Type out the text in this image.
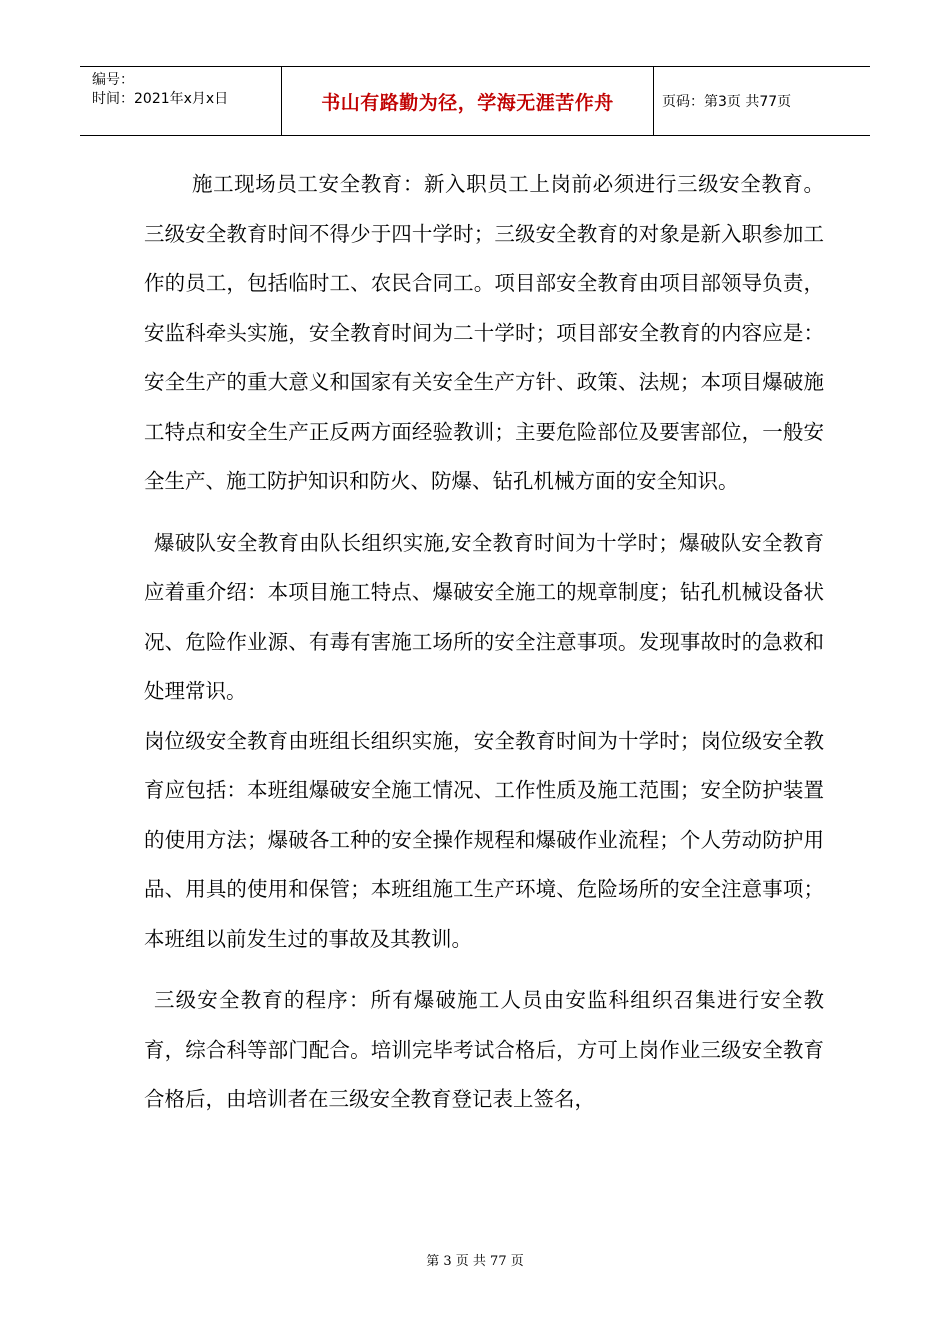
编号：
时间：2021年x月x日	书山有路勤为径，学海无涯苦作舟	页码：第3页 共77页

施工现场员工安全教育：新入职员工上岗前必须进行三级安全教育。三级安全教育时间不得少于四十学时；三级安全教育的对象是新入职参加工作的员工，包括临时工、农民合同工。项目部安全教育由项目部领导负责，安监科牵头实施，安全教育时间为二十学时；项目部安全教育的内容应是：安全生产的重大意义和国家有关安全生产方针、政策、法规；本项目爆破施工特点和安全生产正反两方面经验教训；主要危险部位及要害部位，一般安全生产、施工防护知识和防火、防爆、钻孔机械方面的安全知识。

爆破队安全教育由队长组织实施,安全教育时间为十学时；爆破队安全教育应着重介绍：本项目施工特点、爆破安全施工的规章制度；钻孔机械设备状况、危险作业源、有毒有害施工场所的安全注意事项。发现事故时的急救和处理常识。

岗位级安全教育由班组长组织实施，安全教育时间为十学时；岗位级安全教育应包括：本班组爆破安全施工情况、工作性质及施工范围；安全防护装置的使用方法；爆破各工种的安全操作规程和爆破作业流程；个人劳动防护用品、用具的使用和保管；本班组施工生产环境、危险场所的安全注意事项；本班组以前发生过的事故及其教训。

三级安全教育的程序：所有爆破施工人员由安监科组织召集进行安全教育，综合科等部门配合。培训完毕考试合格后，方可上岗作业三级安全教育合格后，由培训者在三级安全教育登记表上签名，

第 3 页 共 77 页
